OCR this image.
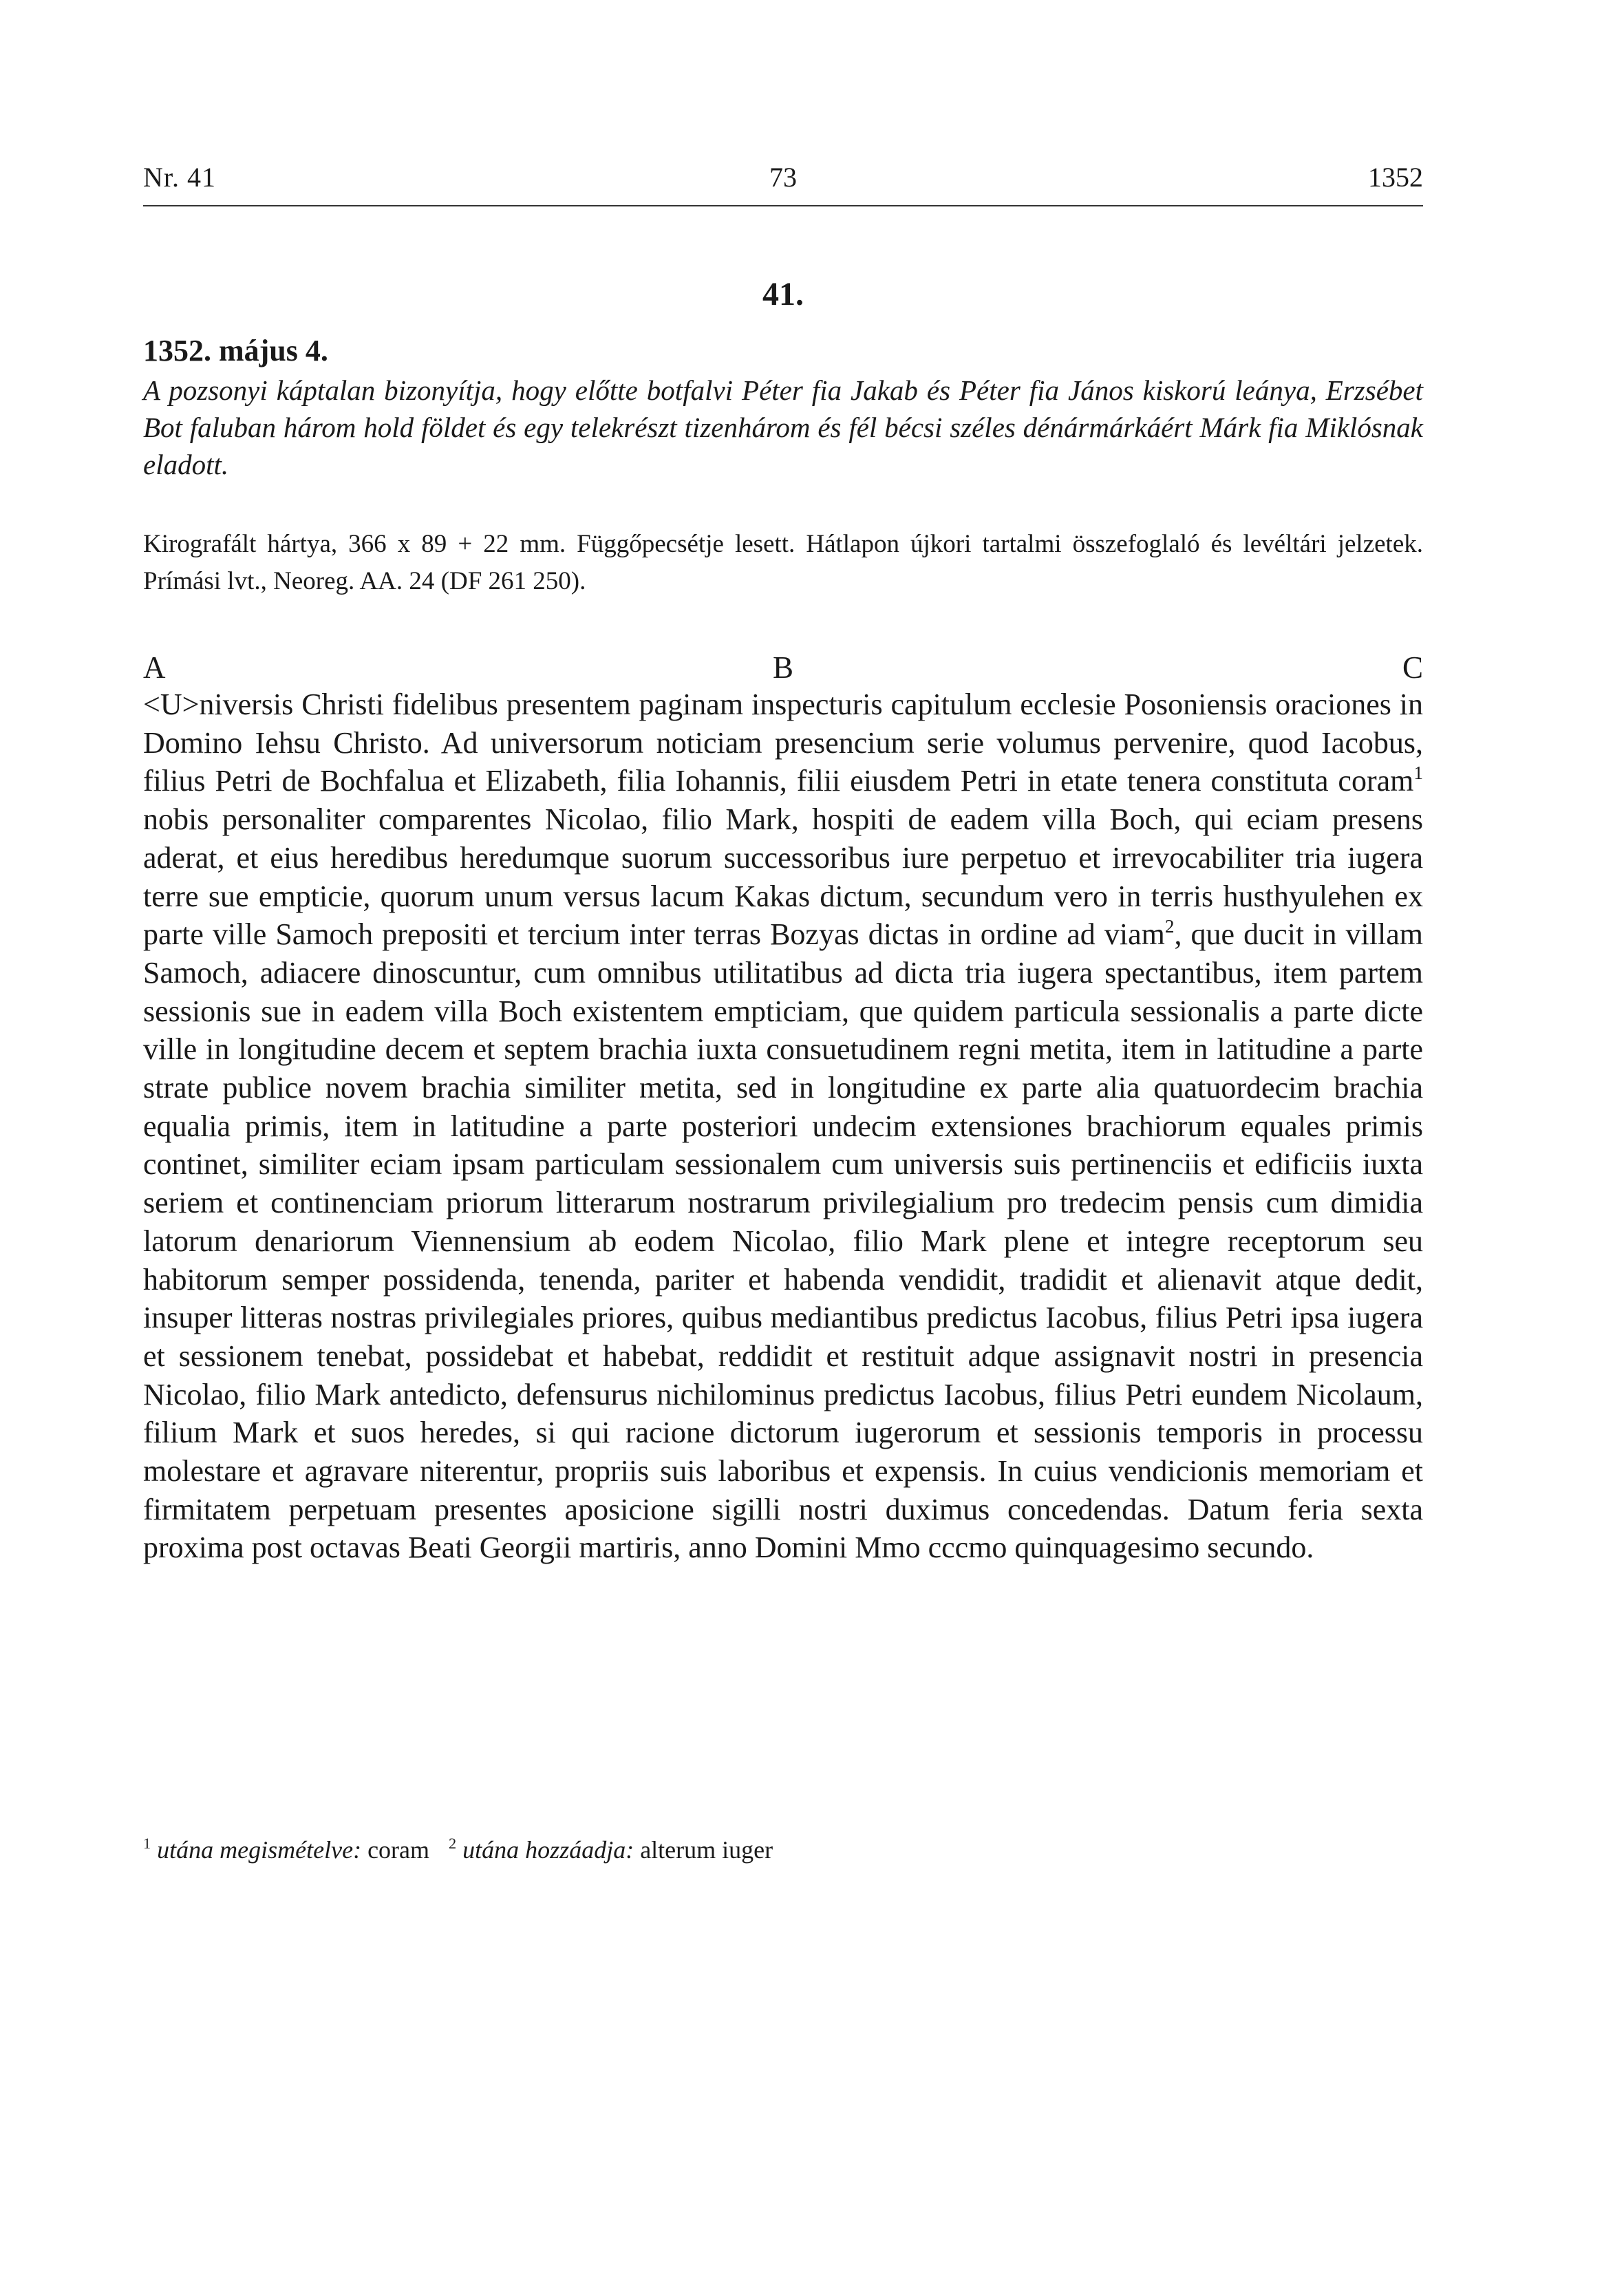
Nr. 41	73	1352
41.
1352. május 4.
A pozsonyi káptalan bizonyítja, hogy előtte botfalvi Péter fia Jakab és Péter fia János kiskorú leánya, Erzsébet Bot faluban három hold földet és egy telekrészt tizenhárom és fél bécsi széles dénármárkáért Márk fia Miklósnak eladott.
Kirografált hártya, 366 x 89 + 22 mm. Függőpecsétje lesett. Hátlapon újkori tartalmi összefoglaló és levéltári jelzetek. Prímási lvt., Neoreg. AA. 24 (DF 261 250).
A	B	C
<U>niversis Christi fidelibus presentem paginam inspecturis capitulum ecclesie Posoniensis oraciones in Domino Iehsu Christo. Ad universorum noticiam presencium serie volumus pervenire, quod Iacobus, filius Petri de Bochfalua et Elizabeth, filia Iohannis, filii eiusdem Petri in etate tenera constituta coram$^1$ nobis personaliter comparentes Nicolao, filio Mark, hospiti de eadem villa Boch, qui eciam presens aderat, et eius heredibus heredumque suorum successoribus iure perpetuo et irrevocabiliter tria iugera terre sue empticie, quorum unum versus lacum Kakas dictum, secundum vero in terris husthyulehen ex parte ville Samoch prepositi et tercium inter terras Bozyas dictas in ordine ad viam$^2$, que ducit in villam Samoch, adiacere dinoscuntur, cum omnibus utilitatibus ad dicta tria iugera spectantibus, item partem sessionis sue in eadem villa Boch existentem empticiam, que quidem particula sessionalis a parte dicte ville in longitudine decem et septem brachia iuxta consuetudinem regni metita, item in latitudine a parte strate publice novem brachia similiter metita, sed in longitudine ex parte alia quatuordecim brachia equalia primis, item in latitudine a parte posteriori undecim extensiones brachiorum equales primis continet, similiter eciam ipsam particulam sessionalem cum universis suis pertinenciis et edificiis iuxta seriem et continenciam priorum litterarum nostrarum privilegialium pro tredecim pensis cum dimidia latorum denariorum Viennensium ab eodem Nicolao, filio Mark plene et integre receptorum seu habitorum semper possidenda, tenenda, pariter et habenda vendidit, tradidit et alienavit atque dedit, insuper litteras nostras privilegiales priores, quibus mediantibus predictus Iacobus, filius Petri ipsa iugera et sessionem tenebat, possidebat et habebat, reddidit et restituit adque assignavit nostri in presencia Nicolao, filio Mark antedicto, defensurus nichilominus predictus Iacobus, filius Petri eundem Nicolaum, filium Mark et suos heredes, si qui racione dictorum iugerorum et sessionis temporis in processu molestare et agravare niterentur, propriis suis laboribus et expensis. In cuius vendicionis memoriam et firmitatem perpetuam presentes aposicione sigilli nostri duximus concedendas. Datum feria sexta proxima post octavas Beati Georgii martiris, anno Domini Mmo cccmo quinquagesimo secundo.
$^1$ utána megismételve: coram $^2$ utána hozzáadja: alterum iuger
